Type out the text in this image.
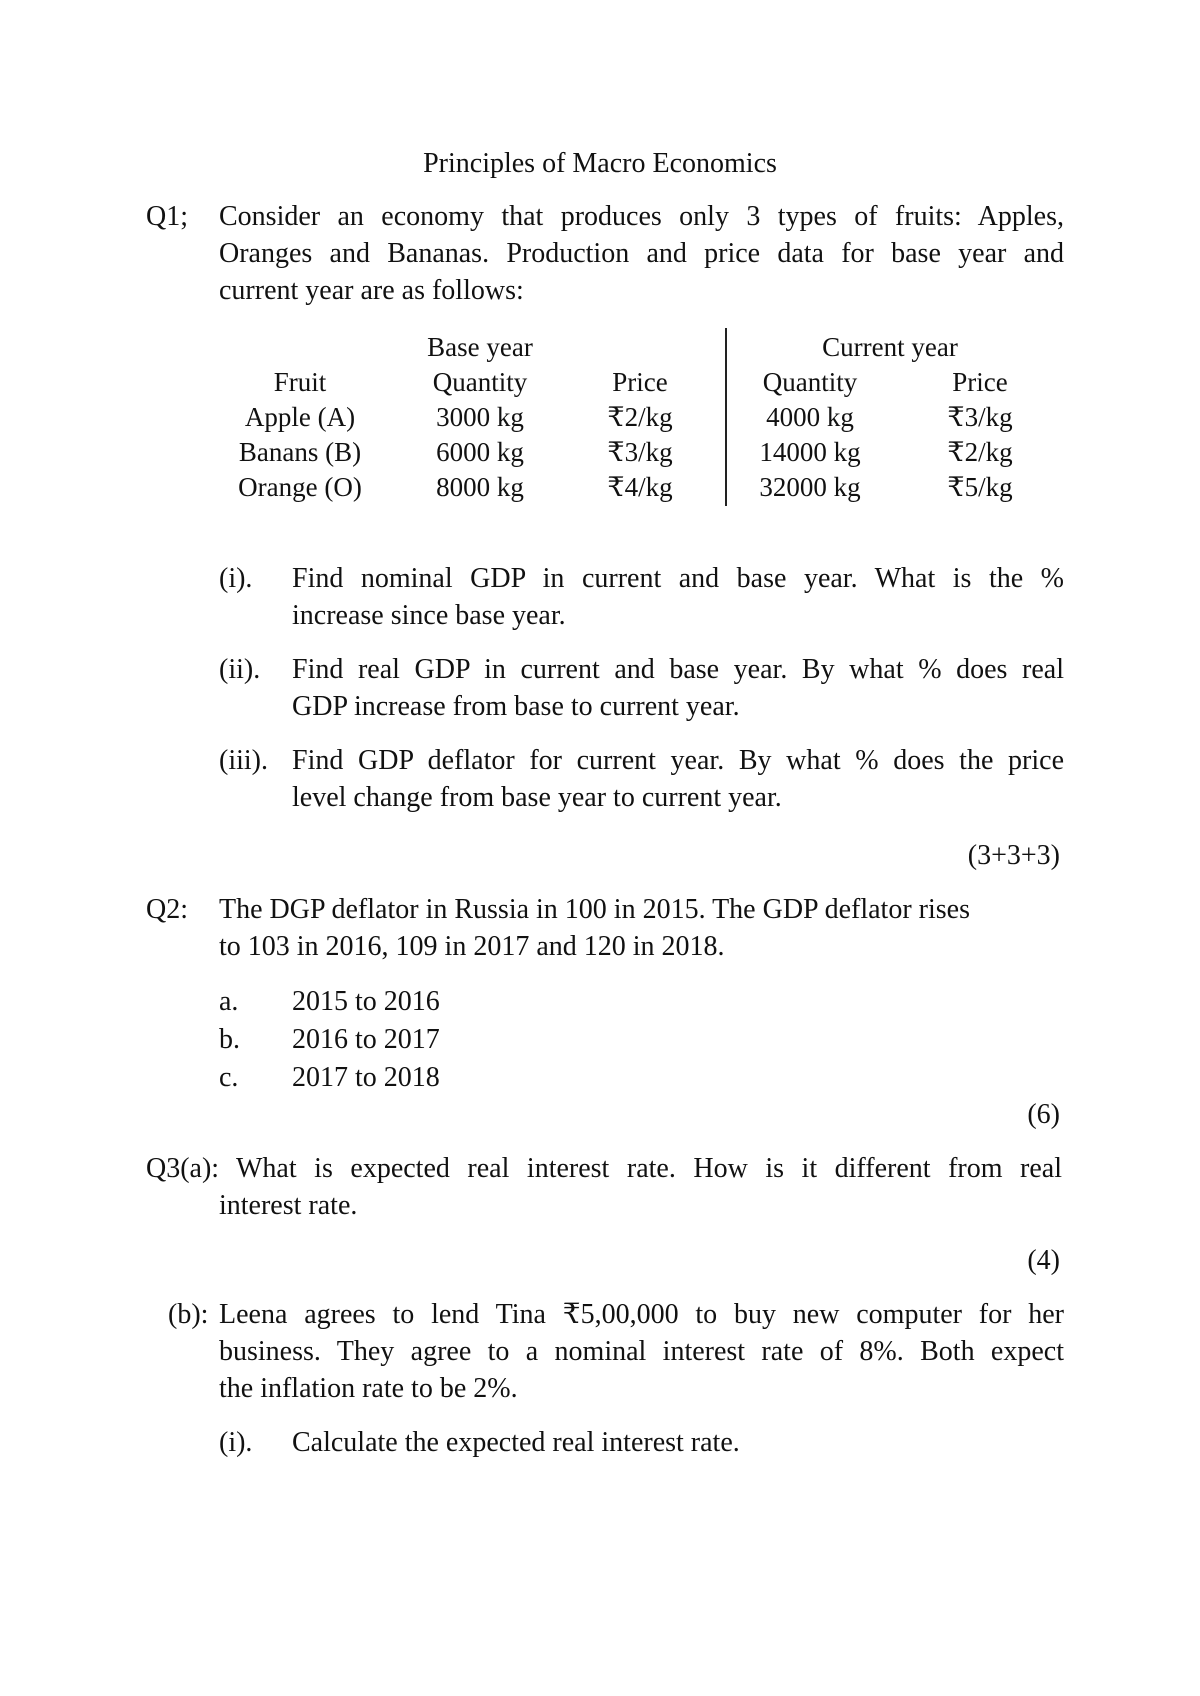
Principles of Macro Economics
Q1; Consider an economy that produces only 3 types of fruits: Apples,
Oranges and Bananas. Production and price data for base year and
current year are as follows:
Base year	Current year
Fruit	Quantity	Price	Quantity	Price
Apple (A)	3000 kg	₹2/kg	4000 kg	₹3/kg
Banans (B)	6000 kg	₹3/kg	14000 kg	₹2/kg
Orange (O)	8000 kg	₹4/kg	32000 kg	₹5/kg
(i). Find nominal GDP in current and base year. What is the %
increase since base year.
(ii). Find real GDP in current and base year. By what % does real
GDP increase from base to current year.
(iii). Find GDP deflator for current year. By what % does the price
level change from base year to current year.
(3+3+3)
Q2: The DGP deflator in Russia in 100 in 2015. The GDP deflator rises
to 103 in 2016, 109 in 2017 and 120 in 2018.
a. 2015 to 2016
b. 2016 to 2017
c. 2017 to 2018
(6)
Q3(a): What is expected real interest rate. How is it different from real
interest rate.
(4)
(b): Leena agrees to lend Tina ₹5,00,000 to buy new computer for her
business. They agree to a nominal interest rate of 8%. Both expect
the inflation rate to be 2%.
(i). Calculate the expected real interest rate.
